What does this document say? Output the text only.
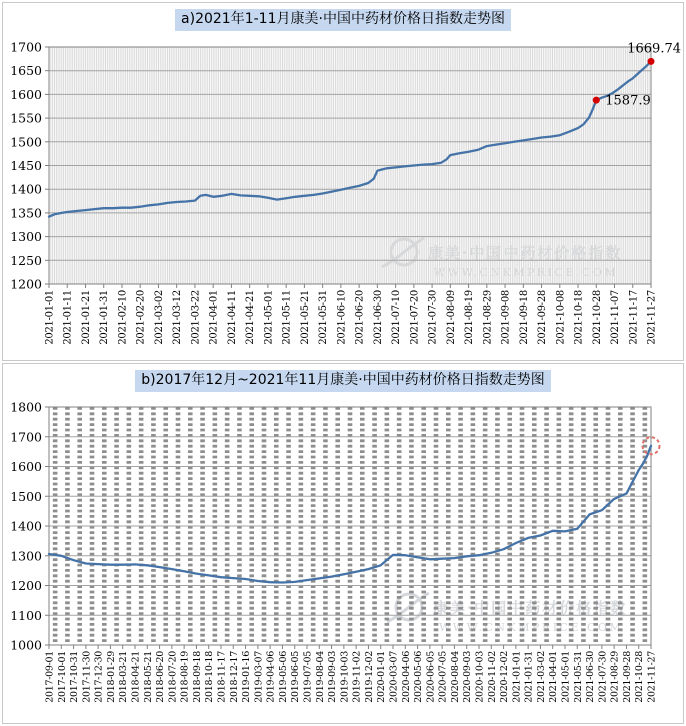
a)2021年1-11月康美·中国中药材价格日指数走势图
康美·中国中药材价格指数
WWW.CNKMPRICE.COM
1200
1250
1300
1350
1400
1450
1500
1550
1600
1650
1700
2021-01-01 2021-01-11 2021-01-21 2021-01-31 2021-02-10 2021-02-20 2021-03-02 2021-03-12 2021-03-22 2021-04-01 2021-04-11 2021-04-21 2021-05-01 2021-05-11 2021-05-21 2021-05-31 2021-06-10 2021-06-20 2021-06-30 2021-07-10 2021-07-20 2021-07-30 2021-08-09 2021-08-19 2021-08-29 2021-09-08 2021-09-18 2021-09-28 2021-10-08 2021-10-18 2021-10-28 2021-11-07 2021-11-17 2021-11-27
1587.9
1669.74
b)2017年12月~2021年11月康美·中国中药材价格日指数走势图
康美·中国中药材价格指数
WWW.CNKMPRICE.COM
1000
1100
1200
1300
1400
1500
1600
1700
1800
2017-09-01 2017-10-01 2017-10-31 2017-11-30 2017-12-30 2018-01-29 2018-03-21 2018-04-21 2018-05-21 2018-06-20 2018-07-20 2018-08-19 2018-09-18 2018-10-18 2018-11-17 2018-12-17 2019-01-16 2019-03-07 2019-04-06 2019-05-06 2019-06-05 2019-07-05 2019-08-04 2019-09-03 2019-10-03 2019-11-02 2019-12-02 2020-01-01 2020-03-07 2020-04-06 2020-05-06 2020-06-05 2020-07-05 2020-08-04 2020-09-03 2020-10-03 2020-11-02 2020-12-02 2021-01-01 2021-01-31 2021-03-02 2021-04-01 2021-05-01 2021-05-31 2021-06-30 2021-07-30 2021-08-29 2021-09-28 2021-10-28 2021-11-27
